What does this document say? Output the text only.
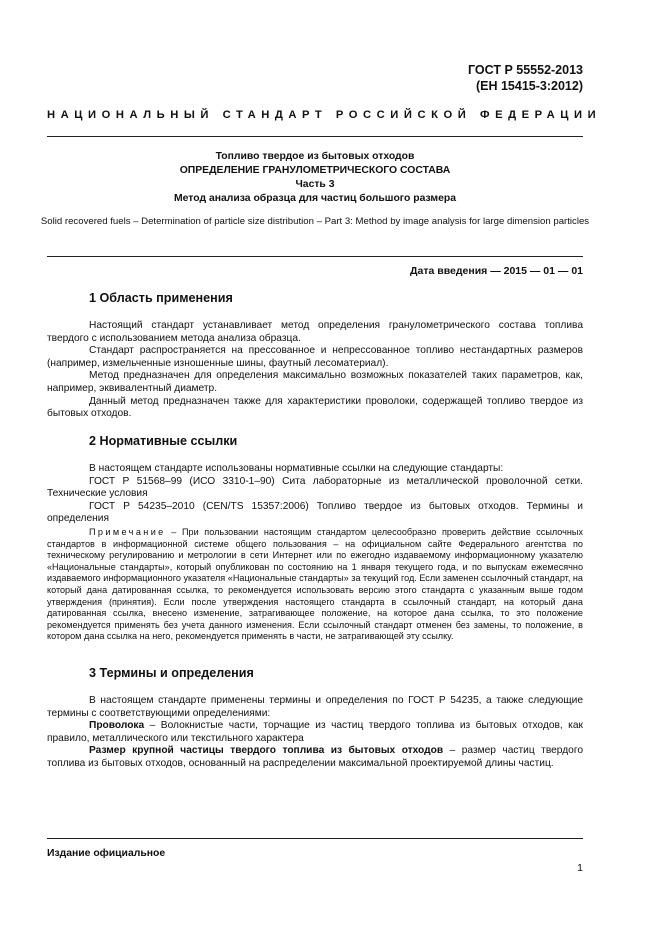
ГОСТ Р 55552-2013
(ЕН 15415-3:2012)
НАЦИОНАЛЬНЫЙ СТАНДАРТ РОССИЙСКОЙ ФЕДЕРАЦИИ
Топливо твердое из бытовых отходов
ОПРЕДЕЛЕНИЕ ГРАНУЛОМЕТРИЧЕСКОГО СОСТАВА
Часть 3
Метод анализа образца для частиц большого размера
Solid recovered fuels – Determination of particle size distribution – Part 3: Method by image analysis for large dimension particles
Дата введения — 2015 — 01 — 01
1 Область применения

Настоящий стандарт устанавливает метод определения гранулометрического состава топлива твердого с использованием метода анализа образца.

Стандарт распространяется на прессованное и непрессованное топливо нестандартных размеров (например, измельченные изношенные шины, фаутный лесоматериал).

Метод предназначен для определения максимально возможных показателей таких параметров, как, например, эквивалентный диаметр.

Данный метод предназначен также для характеристики проволоки, содержащей топливо твердое из бытовых отходов.

2 Нормативные ссылки

В настоящем стандарте использованы нормативные ссылки на следующие стандарты:

ГОСТ Р 51568–99 (ИСО 3310-1–90) Сита лабораторные из металлической проволочной сетки. Технические условия

ГОСТ Р 54235–2010 (CEN/TS 15357:2006) Топливо твердое из бытовых отходов. Термины и определения

Примечание – При пользовании настоящим стандартом целесообразно проверить действие ссылочных стандартов в информационной системе общего пользования – на официальном сайте Федерального агентства по техническому регулированию и метрологии в сети Интернет или по ежегодно издаваемому информационному указателю «Национальные стандарты», который опубликован по состоянию на 1 января текущего года, и по выпускам ежемесячно издаваемого информационного указателя «Национальные стандарты» за текущий год. Если заменен ссылочный стандарт, на который дана датированная ссылка, то рекомендуется использовать версию этого стандарта с указанным выше годом утверждения (принятия). Если после утверждения настоящего стандарта в ссылочный стандарт, на который дана датированная ссылка, внесено изменение, затрагивающее положение, на которое дана ссылка, то это положение рекомендуется применять без учета данного изменения. Если ссылочный стандарт отменен без замены, то положение, в котором дана ссылка на него, рекомендуется применять в части, не затрагивающей эту ссылку.

3 Термины и определения

В настоящем стандарте применены термины и определения по ГОСТ Р 54235, а также следующие термины с соответствующими определениями:

Проволока – Волокнистые части, торчащие из частиц твердого топлива из бытовых отходов, как правило, металлического или текстильного характера

Размер крупной частицы твердого топлива из бытовых отходов – размер частиц твердого топлива из бытовых отходов, основанный на распределении максимальной проектируемой длины частиц.

Издание официальное
1
